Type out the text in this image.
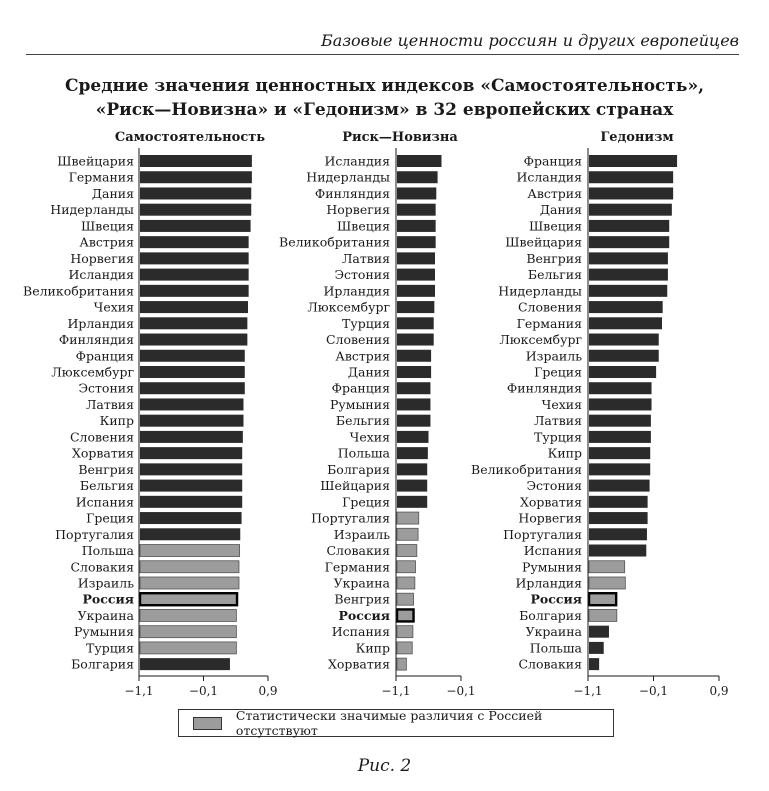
Базовые ценности россиян и других европейцев
Средние значения ценностных индексов «Самостоятельность»,
«Риск—Новизна» и «Гедонизм» в 32 европейских странах
Самостоятельность
Швейцария
Германия
Дания
Нидерланды
Швеция
Австрия
Норвегия
Исландия
Великобритания
Чехия
Ирландия
Финляндия
Франция
Люксембург
Эстония
Латвия
Кипр
Словения
Хорватия
Венгрия
Бельгия
Испания
Греция
Португалия
Польша
Словакия
Израиль
Россия
Украина
Румыния
Турция
Болгария
−1,1	−0,1	0,9
Риск—Новизна
Исландия
Нидерланды
Финляндия
Норвегия
Швеция
Великобритания
Латвия
Эстония
Ирландия
Люксембург
Турция
Словения
Австрия
Дания
Франция
Румыния
Бельгия
Чехия
Польша
Болгария
Шейцария
Греция
Португалия
Израиль
Словакия
Германия
Украина
Венгрия
Россия
Испания
Кипр
Хорватия
−1,1	−0,1
Гедонизм
Франция
Исландия
Австрия
Дания
Швеция
Швейцария
Венгрия
Бельгия
Нидерланды
Словения
Германия
Люксембург
Израиль
Греция
Финляндия
Чехия
Латвия
Турция
Кипр
Великобритания
Эстония
Хорватия
Норвегия
Португалия
Испания
Румыния
Ирландия
Россия
Болгария
Украина
Польша
Словакия
−1,1	−0,1	0,9
Статистически значимые различия с Россией отсутствуют
Рис. 2
